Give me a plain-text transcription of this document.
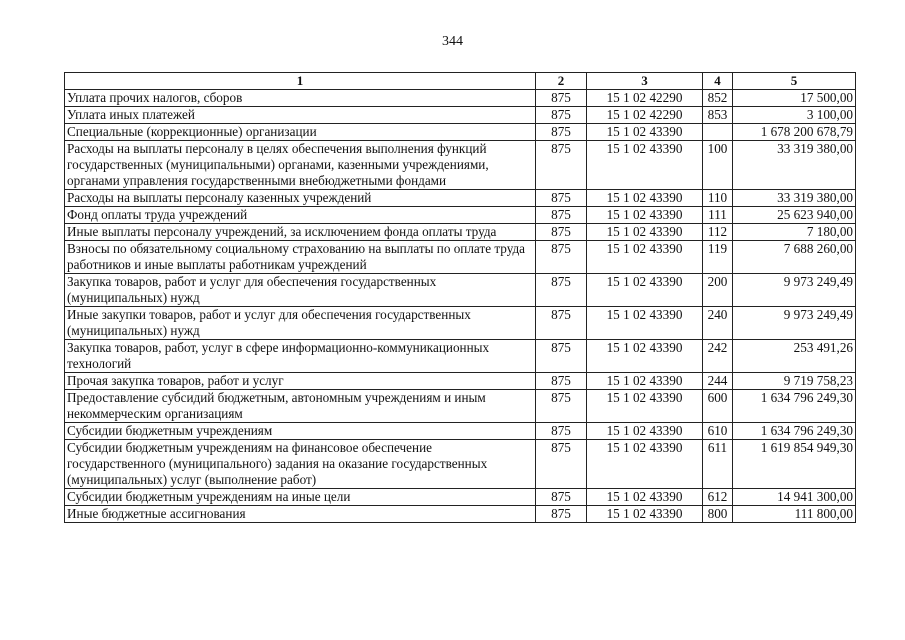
344
1	2	3	4	5
Уплата прочих налогов, сборов	875	15 1 02 42290	852	17 500,00
Уплата иных платежей	875	15 1 02 42290	853	3 100,00
Специальные (коррекционные) организации	875	15 1 02 43390		1 678 200 678,79
Расходы на выплаты персоналу в целях обеспечения выполнения функций государственных (муниципальными) органами, казенными учреждениями, органами управления государственными внебюджетными фондами	875	15 1 02 43390	100	33 319 380,00
Расходы на выплаты персоналу казенных учреждений	875	15 1 02 43390	110	33 319 380,00
Фонд оплаты труда учреждений	875	15 1 02 43390	111	25 623 940,00
Иные выплаты персоналу учреждений, за исключением фонда оплаты труда	875	15 1 02 43390	112	7 180,00
Взносы по обязательному социальному страхованию на выплаты по оплате труда работников и иные выплаты работникам учреждений	875	15 1 02 43390	119	7 688 260,00
Закупка товаров, работ и услуг для обеспечения государственных (муниципальных) нужд	875	15 1 02 43390	200	9 973 249,49
Иные закупки товаров, работ и услуг для обеспечения государственных (муниципальных) нужд	875	15 1 02 43390	240	9 973 249,49
Закупка товаров, работ, услуг в сфере информационно-коммуникационных технологий	875	15 1 02 43390	242	253 491,26
Прочая закупка товаров, работ и услуг	875	15 1 02 43390	244	9 719 758,23
Предоставление субсидий бюджетным, автономным учреждениям и иным некоммерческим организациям	875	15 1 02 43390	600	1 634 796 249,30
Субсидии бюджетным учреждениям	875	15 1 02 43390	610	1 634 796 249,30
Субсидии бюджетным учреждениям на финансовое обеспечение государственного (муниципального) задания на оказание государственных (муниципальных) услуг (выполнение работ)	875	15 1 02 43390	611	1 619 854 949,30
Субсидии бюджетным учреждениям на иные цели	875	15 1 02 43390	612	14 941 300,00
Иные бюджетные ассигнования	875	15 1 02 43390	800	111 800,00
